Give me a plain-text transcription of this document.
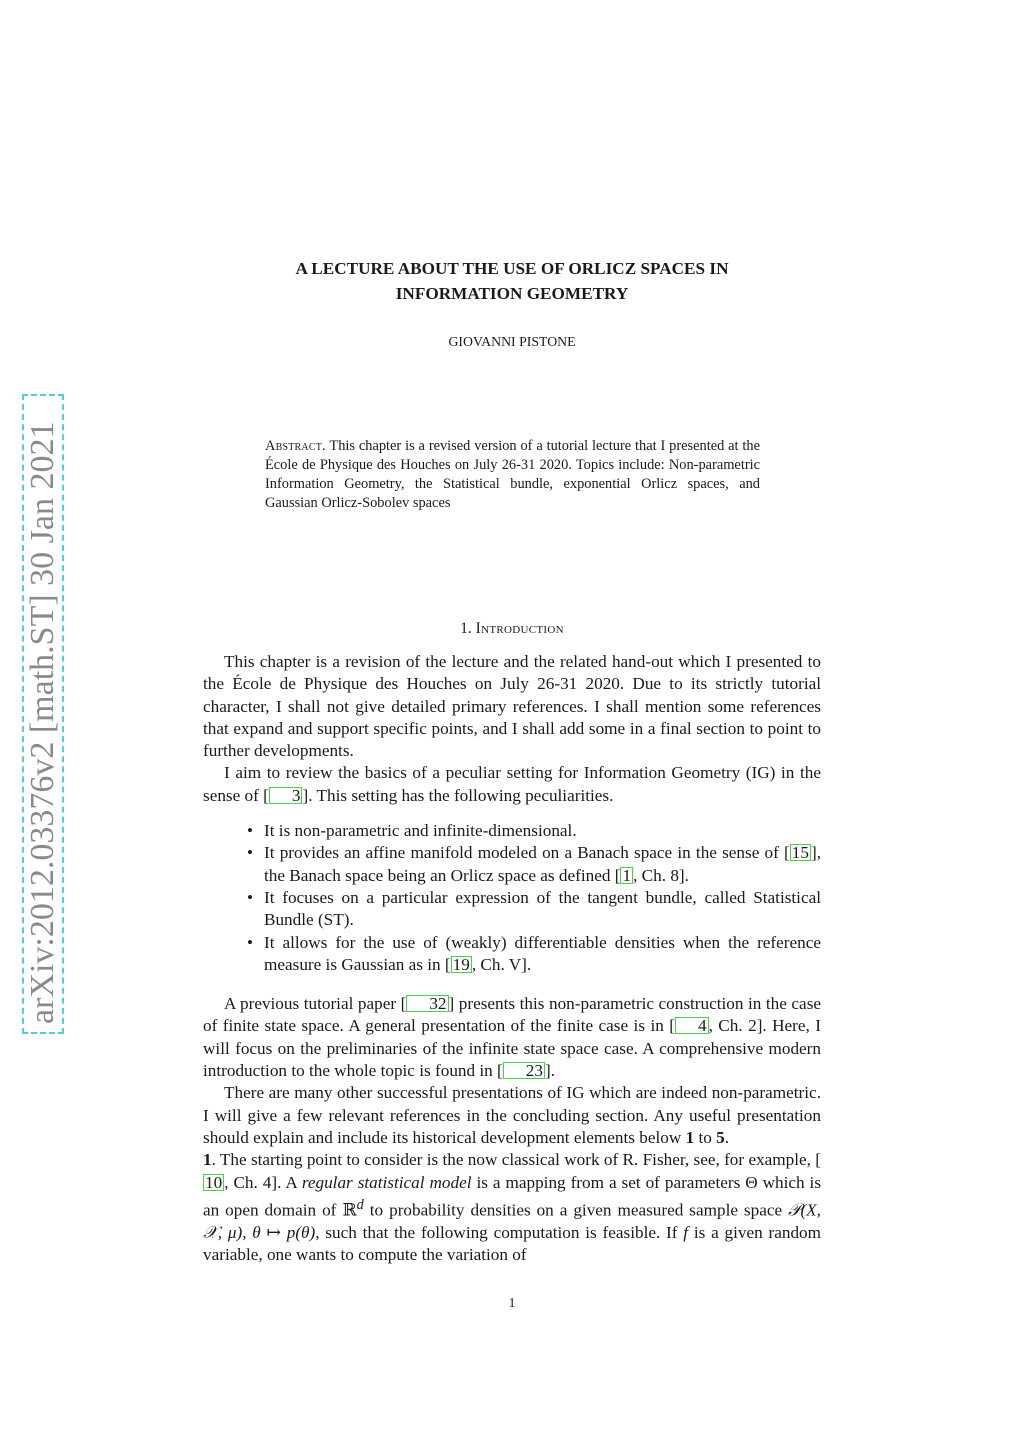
arXiv:2012.03376v2 [math.ST] 30 Jan 2021
A LECTURE ABOUT THE USE OF ORLICZ SPACES IN
INFORMATION GEOMETRY
GIOVANNI PISTONE
Abstract. This chapter is a revised version of a tutorial lecture that I presented at the École de Physique des Houches on July 26-31 2020. Topics include: Non-parametric Information Geometry, the Statistical bundle, exponential Orlicz spaces, and Gaussian Orlicz-Sobolev spaces
1. Introduction

This chapter is a revision of the lecture and the related hand-out which I presented to the École de Physique des Houches on July 26-31 2020. Due to its strictly tutorial character, I shall not give detailed primary references. I shall mention some references that expand and support specific points, and I shall add some in a final section to point to further developments.

I aim to review the basics of a peculiar setting for Information Geometry (IG) in the sense of [ 3 ]. This setting has the following peculiarities.

• It is non-parametric and infinite-dimensional.
• It provides an affine manifold modeled on a Banach space in the sense of [ 15 ], the Banach space being an Orlicz space as defined [ 1 , Ch. 8].
• It focuses on a particular expression of the tangent bundle, called Statistical Bundle (ST).
• It allows for the use of (weakly) differentiable densities when the reference measure is Gaussian as in [ 19 , Ch. V].

A previous tutorial paper [ 32 ] presents this non-parametric construction in the case of finite state space. A general presentation of the finite case is in [ 4 , Ch. 2]. Here, I will focus on the preliminaries of the infinite state space case. A comprehensive modern introduction to the whole topic is found in [ 23 ].

There are many other successful presentations of IG which are indeed non-parametric. I will give a few relevant references in the concluding section. Any useful presentation should explain and include its historical development elements below 1 to 5.

1. The starting point to consider is the now classical work of R. Fisher, see, for example, [10 , Ch. 4]. A regular statistical model is a mapping from a set of parameters Θ which is an open domain of ℝ$^d$ to probability densities on a given measured sample space 𝒫(X, 𝒳, μ), θ ↦ p(θ), such that the following computation is feasible. If f is a given random variable, one wants to compute the variation of

1
